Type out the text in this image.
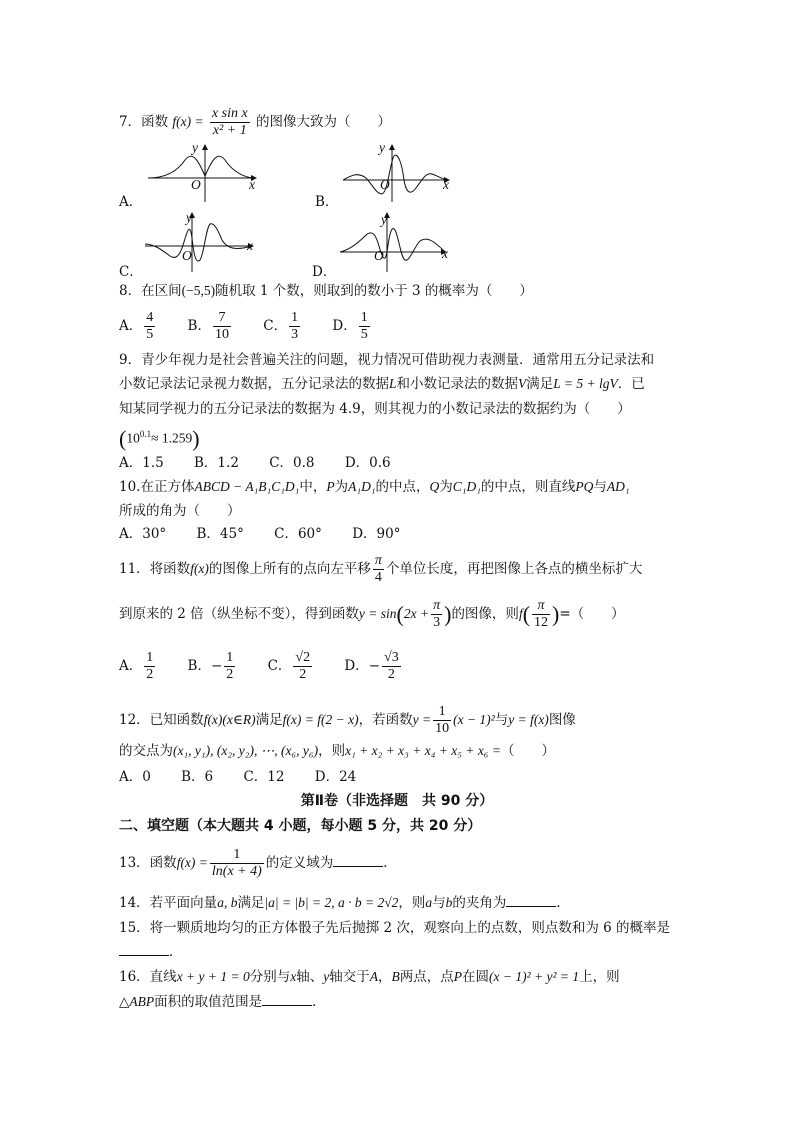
7．函数 $f(x) = \frac{\text{x sin x}}{\text{x² + 1}}$ 的图像大致为（　　）
A．
y
x
O
B．
y
x
O
C．
y
x
O
D．
y
x
O
8．在区间(−5,5)随机取 1 个数，则取到的数小于 3 的概率为（　　）
A． $\frac{4}{5}$ B． $\frac{7}{10}$ C． $\frac{1}{3}$ D． $\frac{1}{5}$
9．青少年视力是社会普遍关注的问题，视力情况可借助视力表测量．通常用五分记录法和
小数记录法记录视力数据，五分记录法的数据L和小数记录法的数据V满足L = 5 + lgV．已
知某同学视力的五分记录法的数据为 4.9，则其视力的小数记录法的数据约为（　　）
$(10^{0.1}\approx 1.259)$
A．1.5 B．1.2 C．0.8 D．0.6
10.在正方体ABCD − A₁B₁C₁D₁中，P为A₁D₁的中点，Q为C₁D₁的中点，则直线PQ与AD₁
所成的角为（　　）
A．30° B．45° C．60° D．90°
11．将函数f(x)的图像上所有的点向左平移 $\frac{\pi}{4}$ 个单位长度，再把图像上各点的横坐标扩大
到原来的 2 倍（纵坐标不变），得到函数$y = \sin(2x + \frac{\pi}{3}$ )的图像，则$f( \frac{\pi}{12}$ )=（　　）
A． $\frac{1}{2}$ B．− $\frac{1}{2}$ C． $\frac{√2}{2}$ D．− $\frac{√3}{2}$
12．已知函数f(x)(x∈R)满足f(x) = f(2 − x)，若函数$y = \frac{1}{10} (x - 1)^2$与y = f(x)图像
的交点为(x₁, y₁), (x₂, y₂), ⋯, (x₆, y₆)，则x₁ + x₂ + x₃ + x₄ + x₅ + x₆ =（　　）
A．0 B．6 C．12 D．24
第Ⅱ卷（非选择题　共 90 分）
二、填空题（本大题共 4 小题，每小题 5 分，共 20 分）
13．函数$f(x) = \frac{1}{\ln(x + 4)}$ 的定义域为	．
14．若平面向量a, b满足|a| = |b| = 2, a · b = 2√2，则a与b的夹角为	．
15．将一颗质地均匀的正方体骰子先后抛掷 2 次，观察向上的点数，则点数和为 6 的概率是
．
16．直线x + y + 1 = 0分别与x轴、y轴交于A，B两点，点P在圆(x − 1)² + y² = 1上，则
△ABP面积的取值范围是	．
